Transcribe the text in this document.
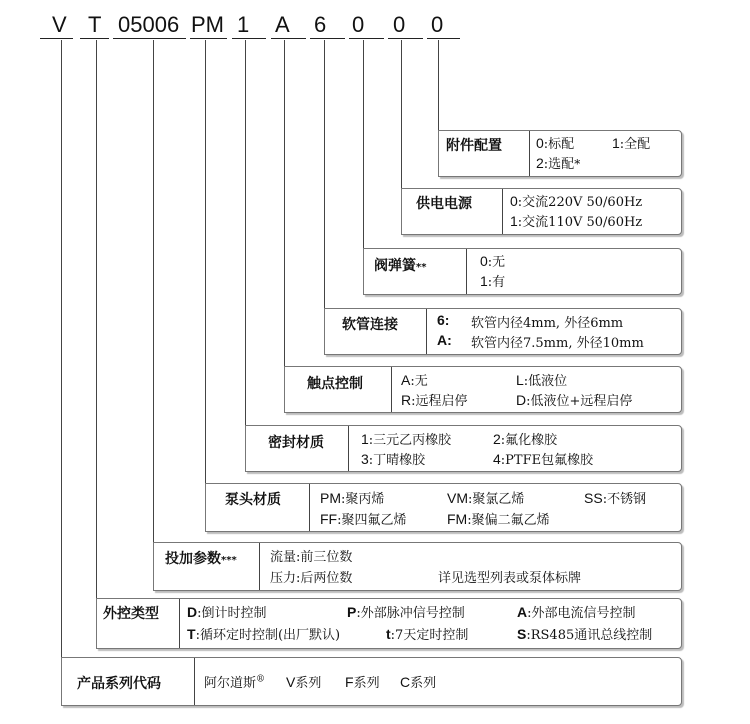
V T 05006 PM 1 A 6 0 0 0
附件配置 0:标配	1:全配
2:选配*
供电电源	0:交流220V 50/60Hz
1:交流110V 50/60Hz
阀弹簧**	0:无
1:有
软管连接	6: 软管内径4mm, 外径6mm
A: 软管内径7.5mm, 外径10mm
触点控制	A:无	L:低液位
R:远程启停	D:低液位+远程启停
密封材质	1:三元乙丙橡胶	2:氟化橡胶
3:丁晴橡胶	4:PTFE包氟橡胶
泵头材质	PM:聚丙烯	VM:聚氯乙烯	SS:不锈钢
FF:聚四氟乙烯	FM:聚偏二氟乙烯
投加参数***	流量:前三位数
压力:后两位数	详见选型列表或泵体标牌
外控类型 D:倒计时控制	P:外部脉冲信号控制	A:外部电流信号控制
T:循环定时控制(出厂默认)	t:7天定时控制	S:RS485通讯总线控制
产品系列代码	阿尔道斯® V系列 F系列 C系列
